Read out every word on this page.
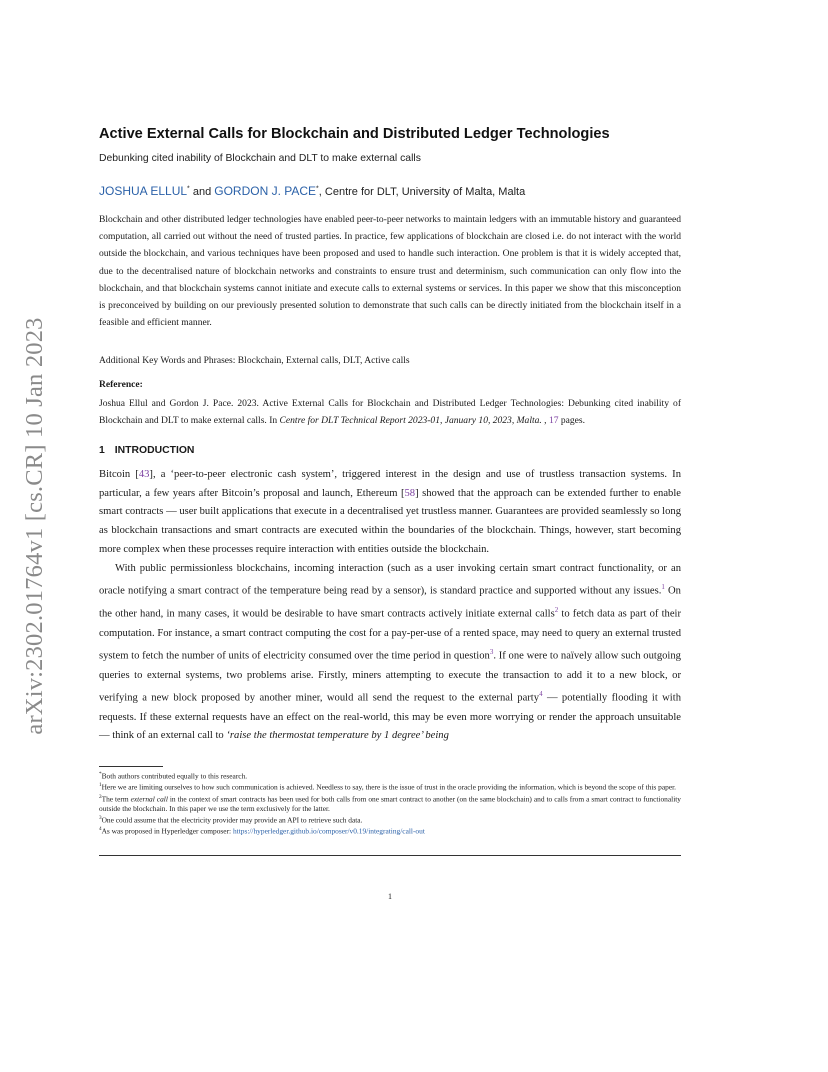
arXiv:2302.01764v1 [cs.CR] 10 Jan 2023
Active External Calls for Blockchain and Distributed Ledger Technologies
Debunking cited inability of Blockchain and DLT to make external calls
JOSHUA ELLUL* and GORDON J. PACE*, Centre for DLT, University of Malta, Malta
Blockchain and other distributed ledger technologies have enabled peer-to-peer networks to maintain ledgers with an immutable history and guaranteed computation, all carried out without the need of trusted parties. In practice, few applications of blockchain are closed i.e. do not interact with the world outside the blockchain, and various techniques have been proposed and used to handle such interaction. One problem is that it is widely accepted that, due to the decentralised nature of blockchain networks and constraints to ensure trust and determinism, such communication can only flow into the blockchain, and that blockchain systems cannot initiate and execute calls to external systems or services. In this paper we show that this misconception is preconceived by building on our previously presented solution to demonstrate that such calls can be directly initiated from the blockchain itself in a feasible and efficient manner.
Additional Key Words and Phrases: Blockchain, External calls, DLT, Active calls
Reference:
Joshua Ellul and Gordon J. Pace. 2023. Active External Calls for Blockchain and Distributed Ledger Technologies: Debunking cited inability of Blockchain and DLT to make external calls. In Centre for DLT Technical Report 2023-01, January 10, 2023, Malta. , 17 pages.
1 INTRODUCTION

Bitcoin [43], a ‘peer-to-peer electronic cash system’, triggered interest in the design and use of trustless transaction systems. In particular, a few years after Bitcoin’s proposal and launch, Ethereum [58] showed that the approach can be extended further to enable smart contracts — user built applications that execute in a decentralised yet trustless manner. Guarantees are provided seamlessly so long as blockchain transactions and smart contracts are executed within the boundaries of the blockchain. Things, however, start becoming more complex when these processes require interaction with entities outside the blockchain.

With public permissionless blockchains, incoming interaction (such as a user invoking certain smart contract functionality, or an oracle notifying a smart contract of the temperature being read by a sensor), is standard practice and supported without any issues.$^1$ On the other hand, in many cases, it would be desirable to have smart contracts actively initiate external calls$^2$ to fetch data as part of their computation. For instance, a smart contract computing the cost for a pay-per-use of a rented space, may need to query an external trusted system to fetch the number of units of electricity consumed over the time period in question$^3$. If one were to naïvely allow such outgoing queries to external systems, two problems arise. Firstly, miners attempting to execute the transaction to add it to a new block, or verifying a new block proposed by another miner, would all send the request to the external party$^4$ — potentially flooding it with requests. If these external requests have an effect on the real-world, this may be even more worrying or render the approach unsuitable — think of an external call to ‘raise the thermostat temperature by 1 degree’ being

*Both authors contributed equally to this research.
$^1$Here we are limiting ourselves to how such communication is achieved. Needless to say, there is the issue of trust in the oracle providing the information, which is beyond the scope of this paper.
$^2$The term external call in the context of smart contracts has been used for both calls from one smart contract to another (on the same blockchain) and to calls from a smart contract to functionality outside the blockchain. In this paper we use the term exclusively for the latter.
$^3$One could assume that the electricity provider may provide an API to retrieve such data.
$^4$As was proposed in Hyperledger composer: https://hyperledger.github.io/composer/v0.19/integrating/call-out
1
